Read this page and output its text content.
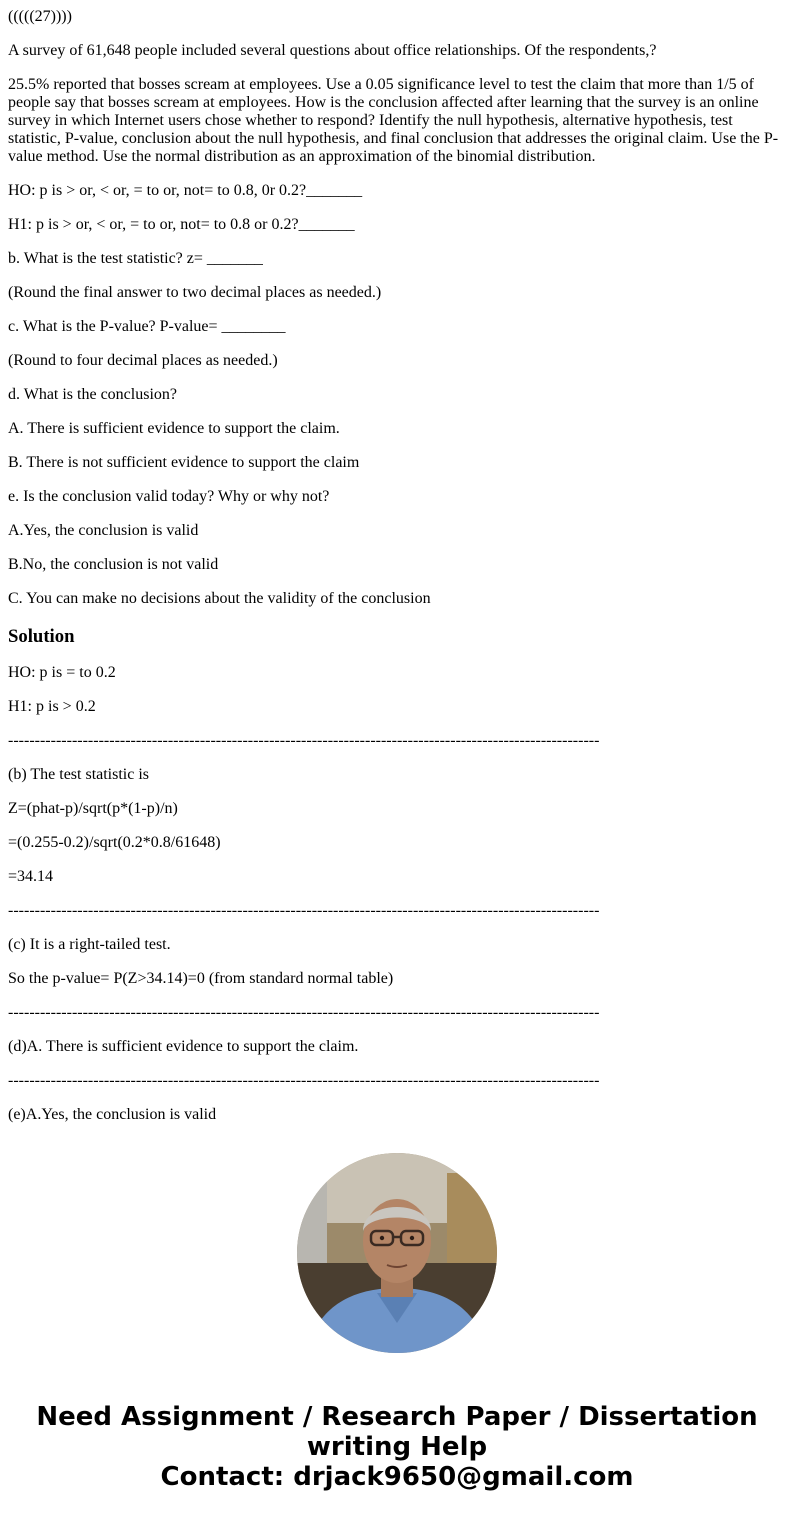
(((((27))))

A survey of 61,648 people included several questions about office relationships. Of the respondents,?

25.5% reported that bosses scream at employees. Use a 0.05 significance level to test the claim that more than 1/5 of people say that bosses scream at employees. How is the conclusion affected after learning that the survey is an online survey in which Internet users chose whether to respond? Identify the null hypothesis, alternative hypothesis, test statistic, P-value, conclusion about the null hypothesis, and final conclusion that addresses the original claim. Use the P-value method. Use the normal distribution as an approximation of the binomial distribution.

HO: p is > or, < or, = to or, not= to 0.8, 0r 0.2?_______

H1: p is > or, < or, = to or, not= to 0.8 or 0.2?_______

b. What is the test statistic? z= _______

(Round the final answer to two decimal places as needed.)

c. What is the P-value? P-value= ________

(Round to four decimal places as needed.)

d. What is the conclusion?

A. There is sufficient evidence to support the claim.

B. There is not sufficient evidence to support the claim

e. Is the conclusion valid today? Why or why not?

A.Yes, the conclusion is valid

B.No, the conclusion is not valid

C. You can make no decisions about the validity of the conclusion

Solution

HO: p is = to 0.2

H1: p is > 0.2

---------------------------------------------------------------------------------------------------------------

(b) The test statistic is

Z=(phat-p)/sqrt(p*(1-p)/n)

=(0.255-0.2)/sqrt(0.2*0.8/61648)

=34.14

---------------------------------------------------------------------------------------------------------------

(c) It is a right-tailed test.

So the p-value= P(Z>34.14)=0 (from standard normal table)

---------------------------------------------------------------------------------------------------------------

(d)A. There is sufficient evidence to support the claim.

---------------------------------------------------------------------------------------------------------------

(e)A.Yes, the conclusion is valid

Need Assignment / Research Paper / Dissertation
writing Help
Contact: drjack9650@gmail.com
